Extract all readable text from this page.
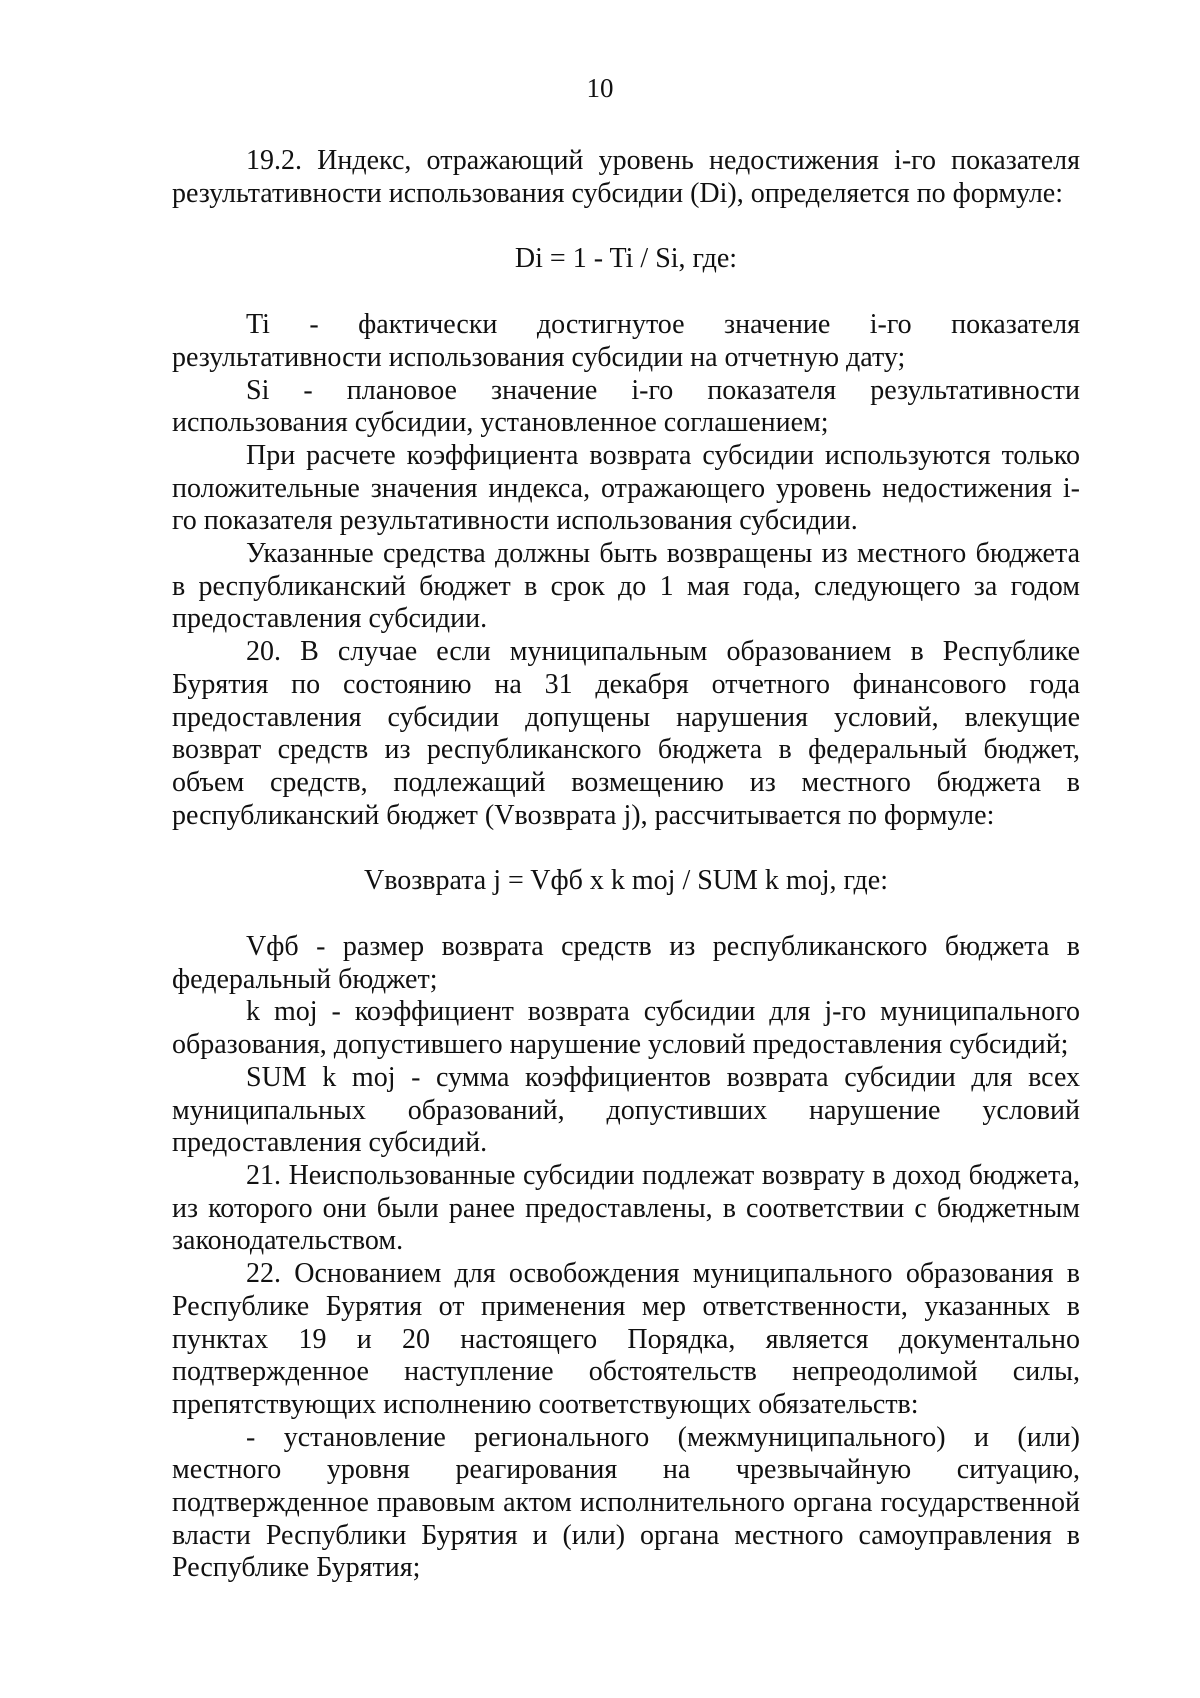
10

19.2. Индекс, отражающий уровень недостижения i-го показателя результативности использования субсидии (Di), определяется по формуле:

Di = 1 - Ti / Si, где:

Ti - фактически достигнутое значение i-го показателя результативности использования субсидии на отчетную дату;

Si - плановое значение i-го показателя результативности использования субсидии, установленное соглашением;

При расчете коэффициента возврата субсидии используются только положительные значения индекса, отражающего уровень недостижения i-го показателя результативности использования субсидии.

Указанные средства должны быть возвращены из местного бюджета в республиканский бюджет в срок до 1 мая года, следующего за годом предоставления субсидии.

20. В случае если муниципальным образованием в Республике Бурятия по состоянию на 31 декабря отчетного финансового года предоставления субсидии допущены нарушения условий, влекущие возврат средств из республиканского бюджета в федеральный бюджет, объем средств, подлежащий возмещению из местного бюджета в республиканский бюджет (Vвозврата j), рассчитывается по формуле:

Vвозврата j = Vфб x k moj / SUM k moj, где:

Vфб - размер возврата средств из республиканского бюджета в федеральный бюджет;

k moj - коэффициент возврата субсидии для j-го муниципального образования, допустившего нарушение условий предоставления субсидий;

SUM k moj - сумма коэффициентов возврата субсидии для всех муниципальных образований, допустивших нарушение условий предоставления субсидий.

21. Неиспользованные субсидии подлежат возврату в доход бюджета, из которого они были ранее предоставлены, в соответствии с бюджетным законодательством.

22. Основанием для освобождения муниципального образования в Республике Бурятия от применения мер ответственности, указанных в пунктах 19 и 20 настоящего Порядка, является документально подтвержденное наступление обстоятельств непреодолимой силы, препятствующих исполнению соответствующих обязательств:

- установление регионального (межмуниципального) и (или) местного уровня реагирования на чрезвычайную ситуацию, подтвержденное правовым актом исполнительного органа государственной власти Республики Бурятия и (или) органа местного самоуправления в Республике Бурятия;
